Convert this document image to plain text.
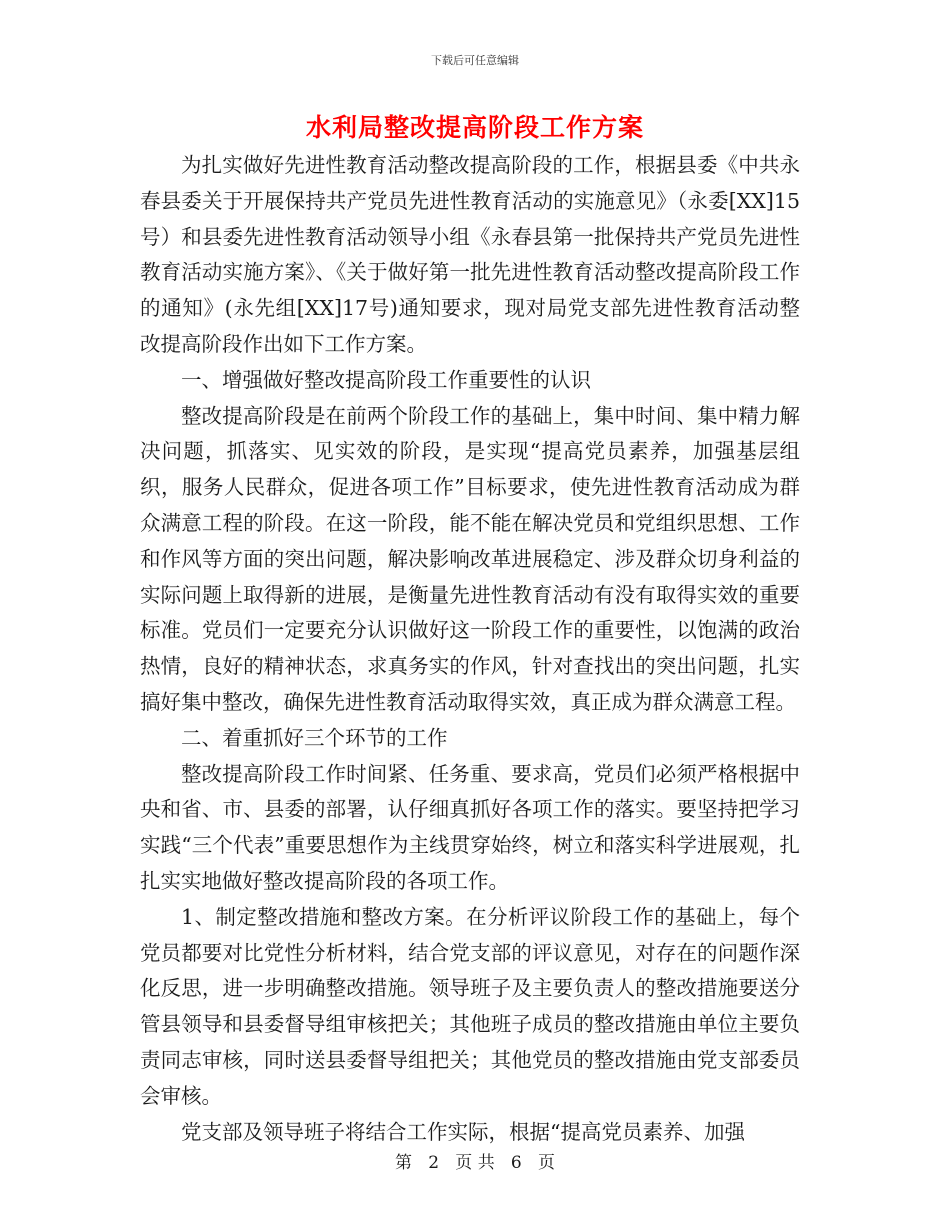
下载后可任意编辑
水利局整改提高阶段工作方案

为扎实做好先进性教育活动整改提高阶段的工作，根据县委《中共永春县委关于开展保持共产党员先进性教育活动的实施意见》（永委[XX]15号）和县委先进性教育活动领导小组《永春县第一批保持共产党员先进性教育活动实施方案》、《关于做好第一批先进性教育活动整改提高阶段工作的通知》(永先组[XX]17号)通知要求，现对局党支部先进性教育活动整改提高阶段作出如下工作方案。

一、增强做好整改提高阶段工作重要性的认识

整改提高阶段是在前两个阶段工作的基础上，集中时间、集中精力解决问题，抓落实、见实效的阶段，是实现“提高党员素养，加强基层组织，服务人民群众，促进各项工作”目标要求，使先进性教育活动成为群众满意工程的阶段。在这一阶段，能不能在解决党员和党组织思想、工作和作风等方面的突出问题，解决影响改革进展稳定、涉及群众切身利益的实际问题上取得新的进展，是衡量先进性教育活动有没有取得实效的重要标准。党员们一定要充分认识做好这一阶段工作的重要性，以饱满的政治热情，良好的精神状态，求真务实的作风，针对查找出的突出问题，扎实搞好集中整改，确保先进性教育活动取得实效，真正成为群众满意工程。

二、着重抓好三个环节的工作

整改提高阶段工作时间紧、任务重、要求高，党员们必须严格根据中央和省、市、县委的部署，认仔细真抓好各项工作的落实。要坚持把学习实践“三个代表”重要思想作为主线贯穿始终，树立和落实科学进展观，扎扎实实地做好整改提高阶段的各项工作。

1、制定整改措施和整改方案。在分析评议阶段工作的基础上，每个党员都要对比党性分析材料，结合党支部的评议意见，对存在的问题作深化反思，进一步明确整改措施。领导班子及主要负责人的整改措施要送分管县领导和县委督导组审核把关；其他班子成员的整改措施由单位主要负责同志审核，同时送县委督导组把关；其他党员的整改措施由党支部委员会审核。

党支部及领导班子将结合工作实际，根据“提高党员素养、加强

第 2 页 共 6 页
